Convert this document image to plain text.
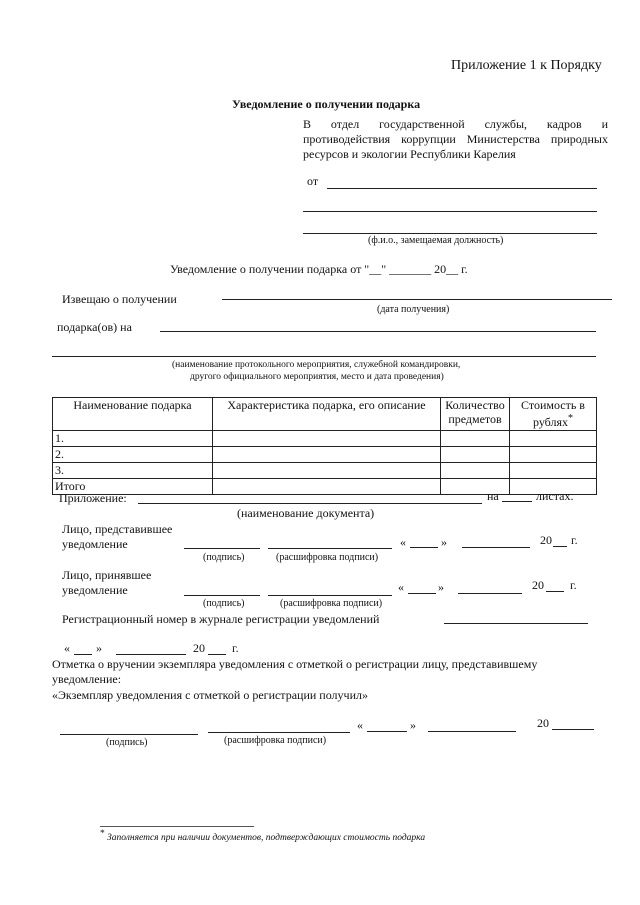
Приложение 1 к Порядку
Уведомление о получении подарка
В отдел государственной службы, кадров и противодействия коррупции Министерства природных ресурсов и экологии Республики Карелия
от
(ф.и.о., замещаемая должность)
Уведомление о получении подарка от "__" _______ 20__ г.
Извещаю о получении
(дата получения)
подарка(ов) на
(наименование протокольного мероприятия, служебной командировки,
другого официального мероприятия, место и дата проведения)
Наименование подарка	Характеристика подарка, его описание	Количество предметов	Стоимость в рублях*
1.			
2.			
3.			
Итого			
Приложение:	на	листах.
(наименование документа)
Лицо, представившее
уведомление	«	»	20 г.
(подпись)	(расшифровка подписи)
Лицо, принявшее
уведомление	«	»	20 г.
(подпись)	(расшифровка подписи)
Регистрационный номер в журнале регистрации уведомлений
« »	20 г.
Отметка о вручении экземпляра уведомления с отметкой о регистрации лицу, представившему
уведомление:
«Экземпляр уведомления с отметкой о регистрации получил»
«	»	20
(подпись)	(расшифровка подписи)
* Заполняется при наличии документов, подтверждающих стоимость подарка
